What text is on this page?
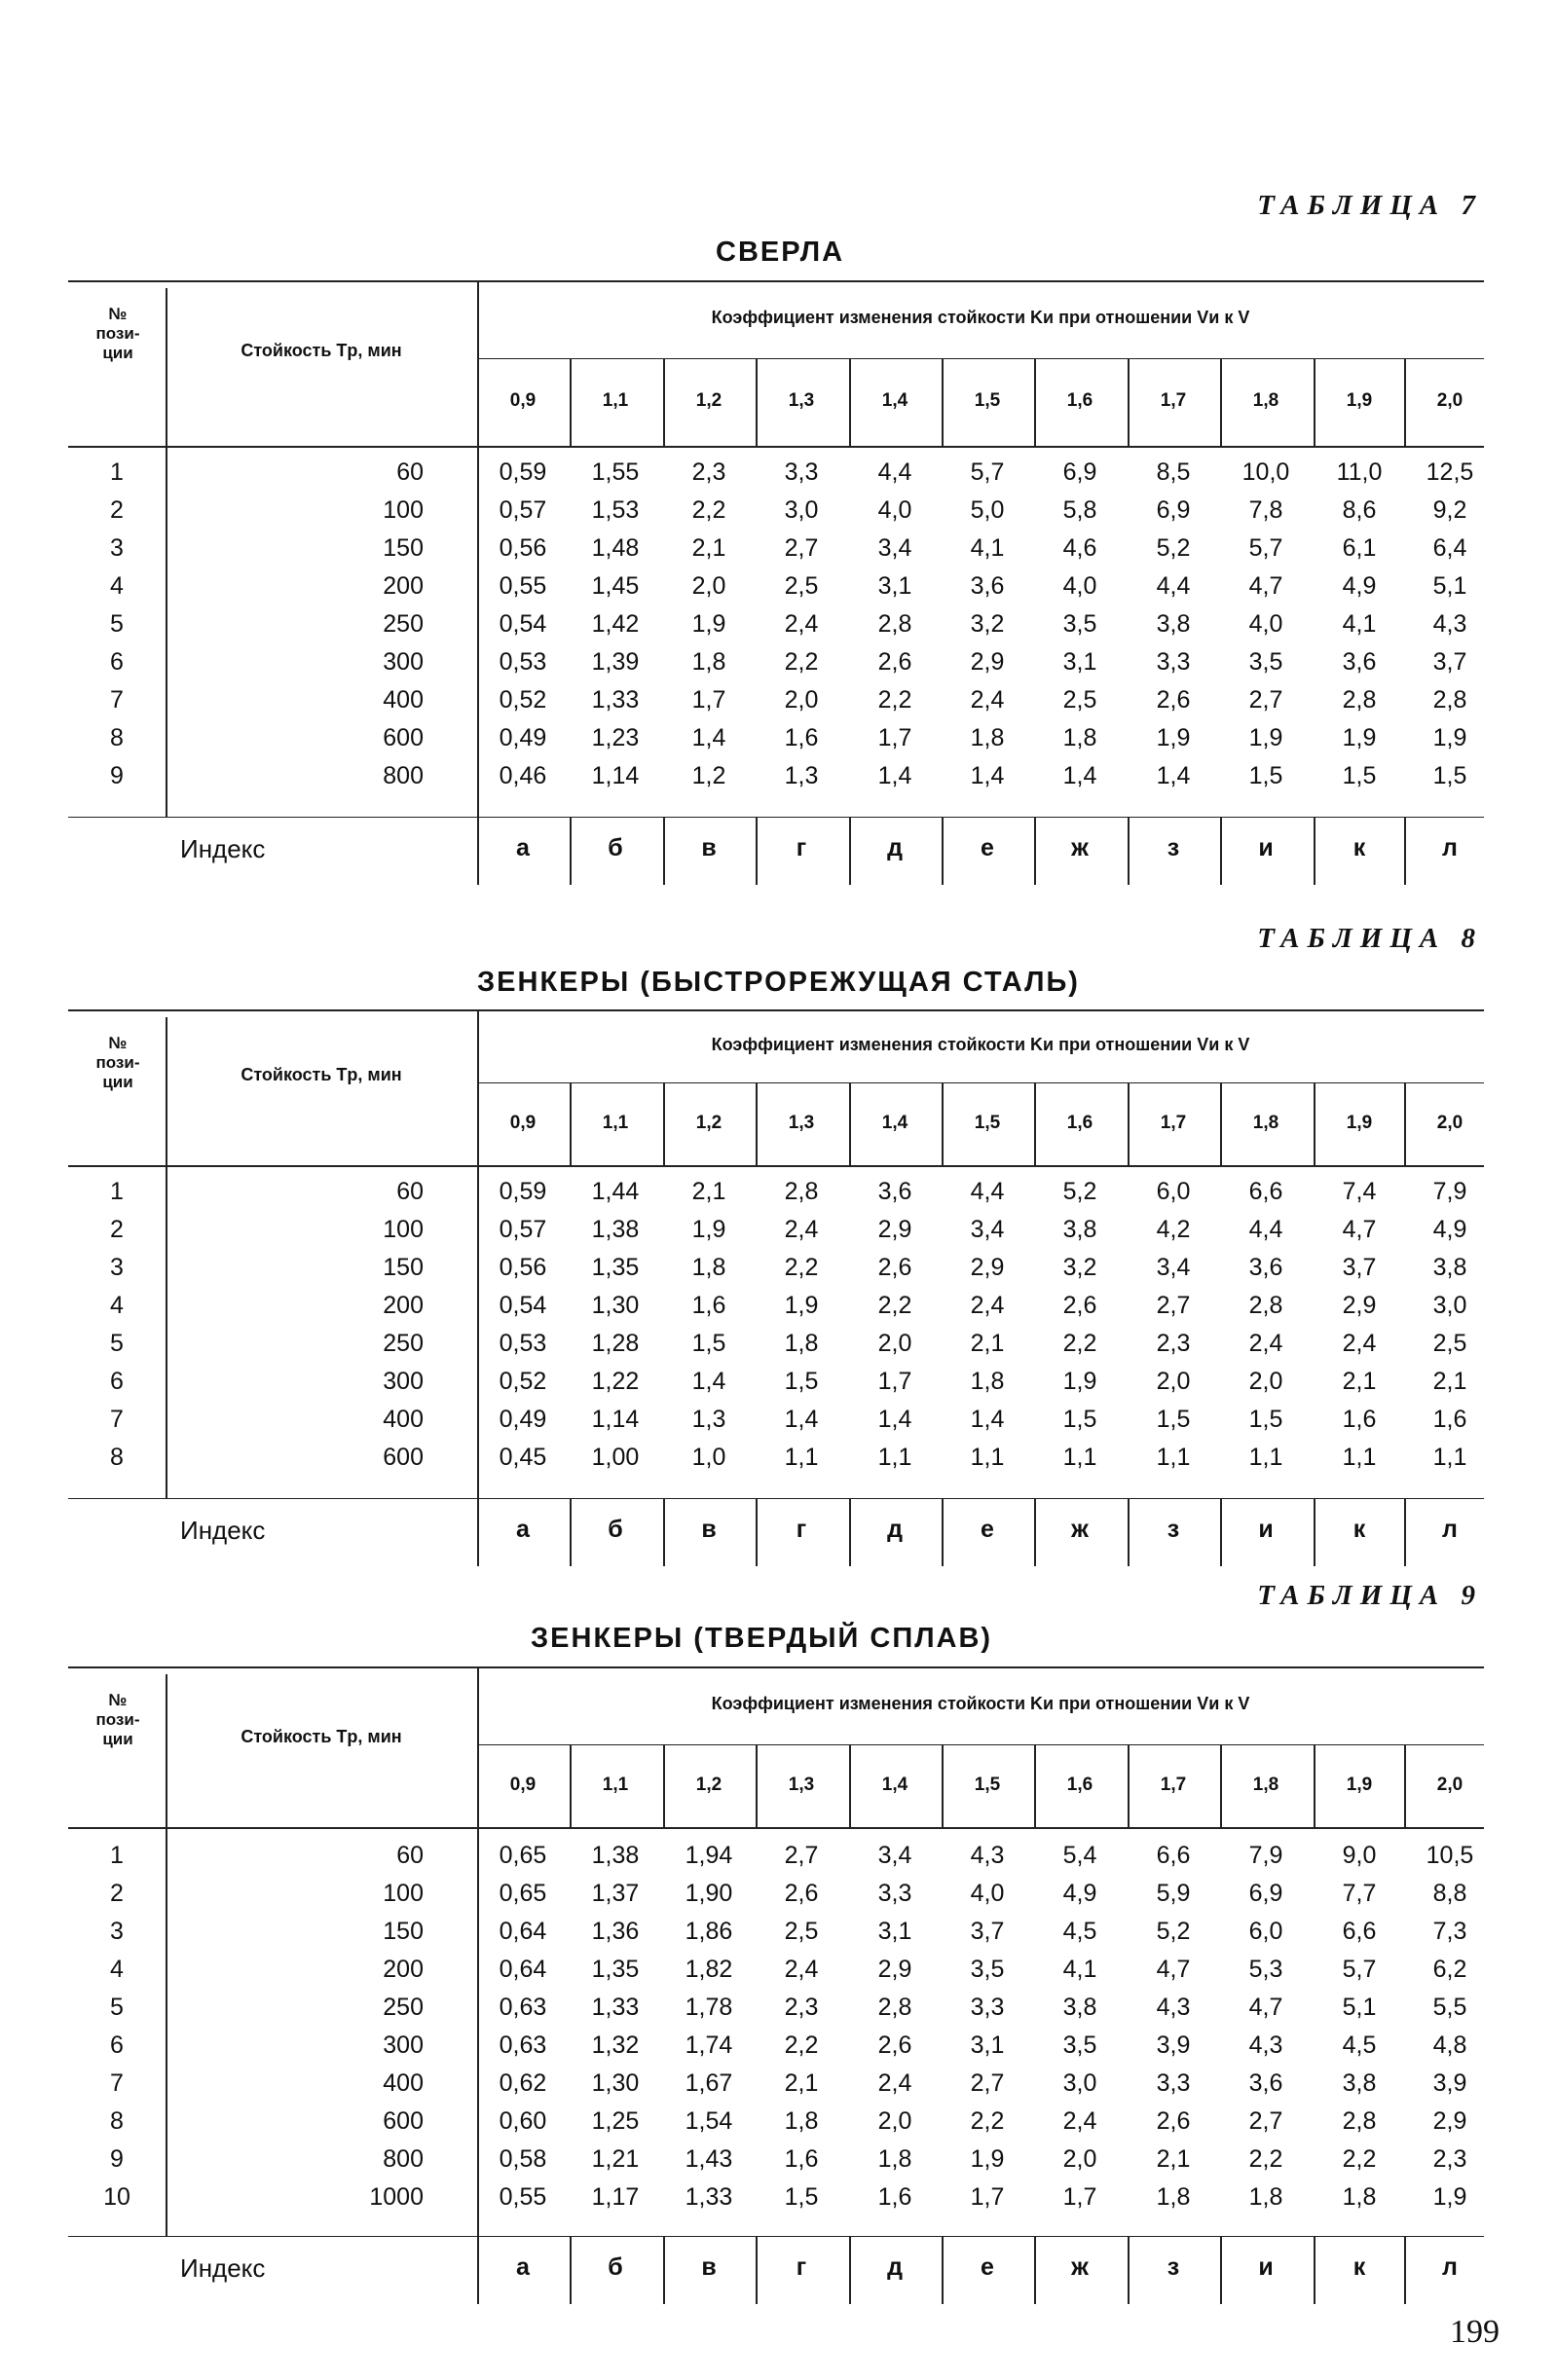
ТАБЛИЦА 7
СВЕРЛА
№
пози-
ции	Стойкость Tр, мин
Коэффициент изменения стойкости Kи при отношении Vи к V
0,9	1,1	1,2	1,3	1,4	1,5	1,6	1,7	1,8	1,9	2,0
1	60	0,59	1,55	2,3	3,3	4,4	5,7	6,9	8,5	10,0	11,0	12,5
2	100	0,57	1,53	2,2	3,0	4,0	5,0	5,8	6,9	7,8	8,6	9,2
3	150	0,56	1,48	2,1	2,7	3,4	4,1	4,6	5,2	5,7	6,1	6,4
4	200	0,55	1,45	2,0	2,5	3,1	3,6	4,0	4,4	4,7	4,9	5,1
5	250	0,54	1,42	1,9	2,4	2,8	3,2	3,5	3,8	4,0	4,1	4,3
6	300	0,53	1,39	1,8	2,2	2,6	2,9	3,1	3,3	3,5	3,6	3,7
7	400	0,52	1,33	1,7	2,0	2,2	2,4	2,5	2,6	2,7	2,8	2,8
8	600	0,49	1,23	1,4	1,6	1,7	1,8	1,8	1,9	1,9	1,9	1,9
9	800	0,46	1,14	1,2	1,3	1,4	1,4	1,4	1,4	1,5	1,5	1,5
Индекс	а	б	в	г	д	е	ж	з	и	к	л
ТАБЛИЦА 8
ЗЕНКЕРЫ (БЫСТРОРЕЖУЩАЯ СТАЛЬ)
№
пози-
ции	Стойкость Tр, мин
Коэффициент изменения стойкости Kи при отношении Vи к V
0,9	1,1	1,2	1,3	1,4	1,5	1,6	1,7	1,8	1,9	2,0
1	60	0,59	1,44	2,1	2,8	3,6	4,4	5,2	6,0	6,6	7,4	7,9
2	100	0,57	1,38	1,9	2,4	2,9	3,4	3,8	4,2	4,4	4,7	4,9
3	150	0,56	1,35	1,8	2,2	2,6	2,9	3,2	3,4	3,6	3,7	3,8
4	200	0,54	1,30	1,6	1,9	2,2	2,4	2,6	2,7	2,8	2,9	3,0
5	250	0,53	1,28	1,5	1,8	2,0	2,1	2,2	2,3	2,4	2,4	2,5
6	300	0,52	1,22	1,4	1,5	1,7	1,8	1,9	2,0	2,0	2,1	2,1
7	400	0,49	1,14	1,3	1,4	1,4	1,4	1,5	1,5	1,5	1,6	1,6
8	600	0,45	1,00	1,0	1,1	1,1	1,1	1,1	1,1	1,1	1,1	1,1
Индекс	а	б	в	г	д	е	ж	з	и	к	л
ТАБЛИЦА 9
ЗЕНКЕРЫ (ТВЕРДЫЙ СПЛАВ)
№
пози-
ции	Стойкость Tр, мин
Коэффициент изменения стойкости Kи при отношении Vи к V
0,9	1,1	1,2	1,3	1,4	1,5	1,6	1,7	1,8	1,9	2,0
1	60	0,65	1,38	1,94	2,7	3,4	4,3	5,4	6,6	7,9	9,0	10,5
2	100	0,65	1,37	1,90	2,6	3,3	4,0	4,9	5,9	6,9	7,7	8,8
3	150	0,64	1,36	1,86	2,5	3,1	3,7	4,5	5,2	6,0	6,6	7,3
4	200	0,64	1,35	1,82	2,4	2,9	3,5	4,1	4,7	5,3	5,7	6,2
5	250	0,63	1,33	1,78	2,3	2,8	3,3	3,8	4,3	4,7	5,1	5,5
6	300	0,63	1,32	1,74	2,2	2,6	3,1	3,5	3,9	4,3	4,5	4,8
7	400	0,62	1,30	1,67	2,1	2,4	2,7	3,0	3,3	3,6	3,8	3,9
8	600	0,60	1,25	1,54	1,8	2,0	2,2	2,4	2,6	2,7	2,8	2,9
9	800	0,58	1,21	1,43	1,6	1,8	1,9	2,0	2,1	2,2	2,2	2,3
10	1000	0,55	1,17	1,33	1,5	1,6	1,7	1,7	1,8	1,8	1,8	1,9
Индекс	а	б	в	г	д	е	ж	з	и	к	л
199
